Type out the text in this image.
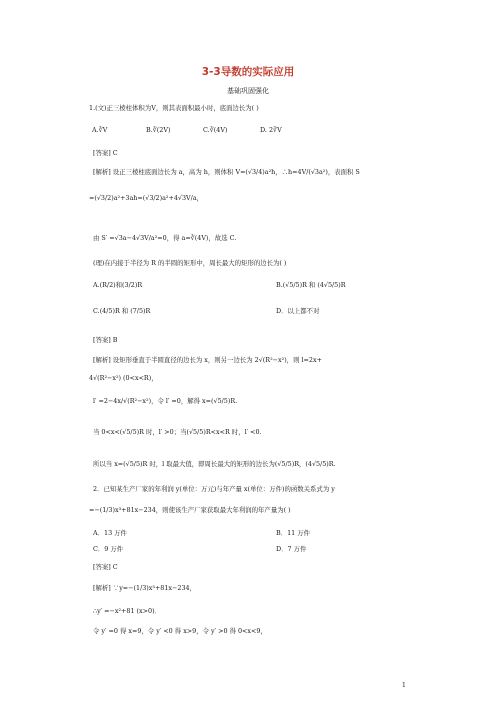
3-3导数的实际应用
基础巩固强化
1.(文)正三棱柱体积为V，则其表面积最小时，底面边长为( )
A.∛V	B.∛(2V)	C.∛(4V)	D. 2∛V
[答案] C
[解析] 设正三棱柱底面边长为 a，高为 h，则体积 V=(√3/4)a²h，∴h=4V/(√3a²)，表面积 S
=(√3/2)a²+3ah=(√3/2)a²+4√3V/a，
由 S′ =√3a−4√3V/a²=0，得 a=∛(4V)，故选 C.
(理)在内接于半径为 R 的半圆的矩形中，周长最大的矩形的边长为( )
A.(R/2)和(3/2)R	B.(√5/5)R 和 (4√5/5)R
C.(4/5)R 和 (7/5)R	D．以上都不对
[答案] B
[解析] 设矩形垂直于半圆直径的边长为 x，则另一边长为 2√(R²−x²)，则 l=2x+
4√(R²−x²) (0<x<R)，
l′ =2−4x/√(R²−x²)，令 l′ =0，解得 x=(√5/5)R.
当 0<x<(√5/5)R 时，l′ >0；当(√5/5)R<x<R 时，l′ <0.
所以当 x=(√5/5)R 时，l 取最大值，即周长最大的矩形的边长为(√5/5)R，(4√5/5)R.
2．已知某生产厂家的年利润 y(单位：万元)与年产量 x(单位：万件)的函数关系式为 y
=−(1/3)x³+81x−234，则使该生产厂家获取最大年利润的年产量为( )
A．13 万件	B．11 万件
C．9 万件	D．7 万件
[答案] C
[解析] ∵y=−(1/3)x³+81x−234，
∴y′ =−x²+81 (x>0)．
令 y′ =0 得 x=9，令 y′ <0 得 x>9，令 y′ >0 得 0<x<9，
1
